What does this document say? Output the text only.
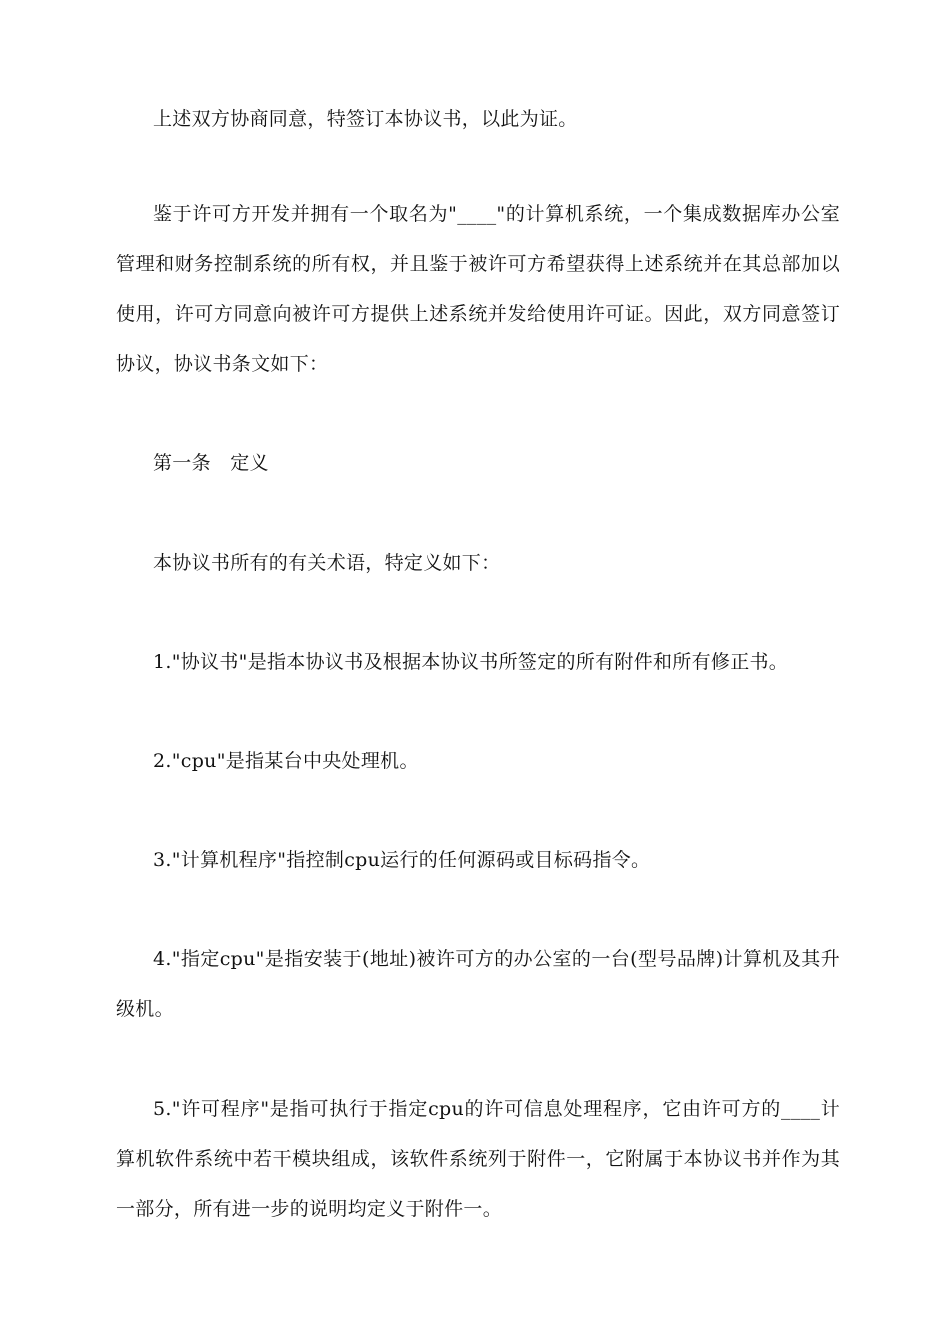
上述双方协商同意，特签订本协议书，以此为证。

鉴于许可方开发并拥有一个取名为"____"的计算机系统，一个集成数据库办公室管理和财务控制系统的所有权，并且鉴于被许可方希望获得上述系统并在其总部加以使用，许可方同意向被许可方提供上述系统并发给使用许可证。因此，双方同意签订协议，协议书条文如下：

第一条　定义

本协议书所有的有关术语，特定义如下：

1."协议书"是指本协议书及根据本协议书所签定的所有附件和所有修正书。

2."cpu"是指某台中央处理机。

3."计算机程序"指控制cpu运行的任何源码或目标码指令。

4."指定cpu"是指安装于(地址)被许可方的办公室的一台(型号品牌)计算机及其升级机。

5."许可程序"是指可执行于指定cpu的许可信息处理程序，它由许可方的____计算机软件系统中若干模块组成，该软件系统列于附件一，它附属于本协议书并作为其一部分，所有进一步的说明均定义于附件一。
